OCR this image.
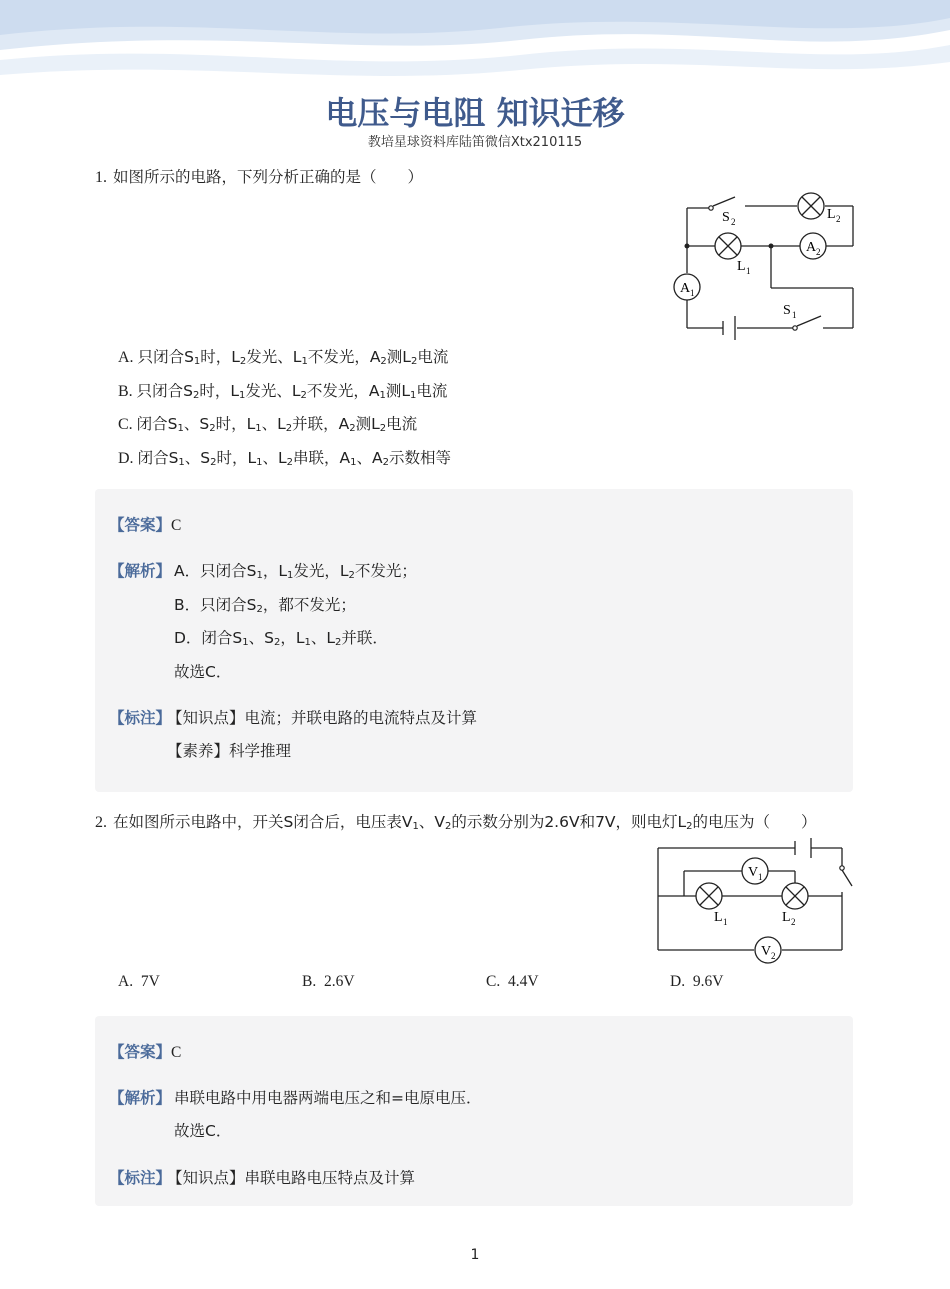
电压与电阻 知识迁移
教培星球资料库陆笛微信Xtx210115
1. 如图所示的电路，下列分析正确的是（　　）
A 2
A 1
S 2	L 2
L 1
S 1
A. 只闭合$S_1$时，$L_2$发光、$L_1$不发光，$A_2$测$L_2$电流
B. 只闭合$S_2$时，$L_1$发光、$L_2$不发光，$A_1$测$L_1$电流
C. 闭合$S_1$、$S_2$时，$L_1$、$L_2$并联，$A_2$测$L_2$电流
D. 闭合$S_1$、$S_2$时，$L_1$、$L_2$串联，$A_1$、$A_2$示数相等
【答案】C
【解析】 A．只闭合$S_1$，$L_1$发光，$L_2$不发光；
B．只闭合$S_2$，都不发光；
D．闭合$S_1$、$S_2$，$L_1$、$L_2$并联．
故选C．
【标注】
【知识点】电流；并联电路的电流特点及计算
【素养】科学推理
2. 在如图所示电路中，开关S闭合后，电压表$V_1$、$V_2$的示数分别为2.6V和7V，则电灯$L_2$的电压为（　　）
V 1
V 2
L 1	L 2
A. 7V	B. 2.6V	C. 4.4V	D. 9.6V
【答案】C
【解析】 串联电路中用电器两端电压之和=电原电压．
故选C．
【标注】
【知识点】串联电路电压特点及计算
1
